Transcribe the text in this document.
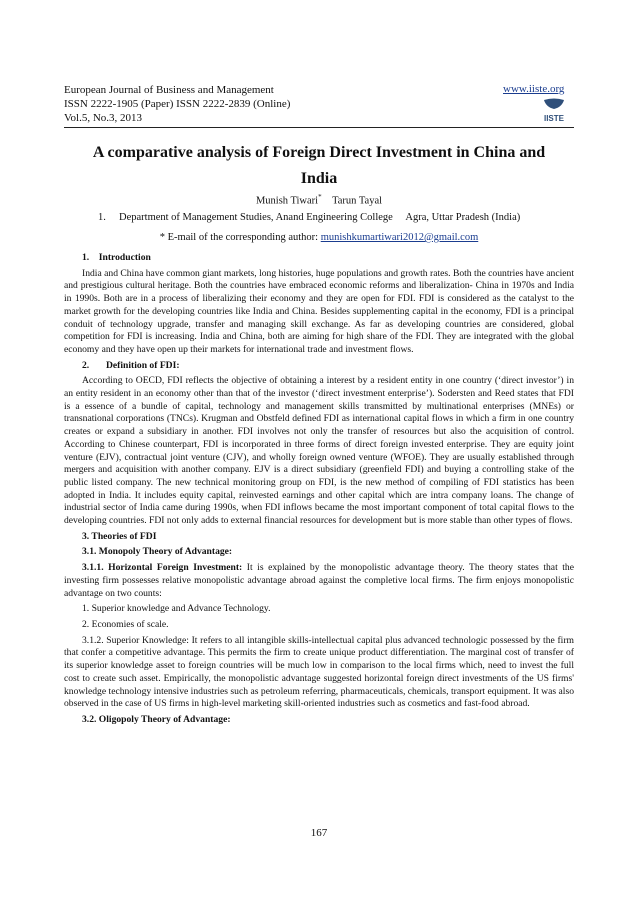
European Journal of Business and Management
ISSN 2222-1905 (Paper) ISSN 2222-2839 (Online)
Vol.5, No.3, 2013
www.iiste.org
IISTE
A comparative analysis of Foreign Direct Investment in China and
India
Munish Tiwari* Tarun Tayal
1. Department of Management Studies, Anand Engineering College Agra, Uttar Pradesh (India)
* E-mail of the corresponding author: munishkumartiwari2012@gmail.com
1.    Introduction
India and China have common giant markets, long histories, huge populations and growth rates. Both the countries have ancient and prestigious cultural heritage. Both the countries have embraced economic reforms and liberalization- China in 1970s and India in 1990s. Both are in a process of liberalizing their economy and they are open for FDI. FDI is considered as the catalyst to the market growth for the developing countries like India and China. Besides supplementing capital in the economy, FDI is a principal conduit of technology upgrade, transfer and managing skill exchange. As far as developing countries are considered, global competition for FDI is increasing. India and China, both are aiming for high share of the FDI. They are integrated with the global economy and they have open up their markets for international trade and investment flows.
2.       Definition of FDI:
According to OECD, FDI reflects the objective of obtaining a interest by a resident entity in one country (‘direct investor’) in an entity resident in an economy other than that of the investor (‘direct investment enterprise’). Sodersten and Reed states that FDI is a essence of a bundle of capital, technology and management skills transmitted by multinational enterprises (MNEs) or transnational corporations (TNCs). Krugman and Obstfeld defined FDI as international capital flows in which a firm in one country creates or expand a subsidiary in another. FDI involves not only the transfer of resources but also the acquisition of control. According to Chinese counterpart, FDI is incorporated in three forms of direct foreign invested enterprise. They are equity joint venture (EJV), contractual joint venture (CJV), and wholly foreign owned venture (WFOE). They are usually established through mergers and acquisition with another company. EJV is a direct subsidiary (greenfield FDI) and buying a controlling stake of the public listed company. The new technical monitoring group on FDI, is the new method of compiling of FDI statistics has been adopted in India. It includes equity capital, reinvested earnings and other capital which are intra company loans. The change of industrial sector of India came during 1990s, when FDI inflows became the most important component of total capital flows to the developing countries. FDI not only adds to external financial resources for development but is more stable than other types of flows.
3. Theories of FDI
3.1. Monopoly Theory of Advantage:
3.1.1. Horizontal Foreign Investment: It is explained by the monopolistic advantage theory. The theory states that the investing firm possesses relative monopolistic advantage abroad against the completive local firms. The firm enjoys monopolistic advantage on two counts:
1. Superior knowledge and Advance Technology.
2. Economies of scale.
3.1.2. Superior Knowledge: It refers to all intangible skills-intellectual capital plus advanced technologic possessed by the firm that confer a competitive advantage. This permits the firm to create unique product differentiation. The marginal cost of transfer of its superior knowledge asset to foreign countries will be much low in comparison to the local firms which, need to invest the full cost to create such asset. Empirically, the monopolistic advantage suggested horizontal foreign direct investments of the US firms' knowledge technology intensive industries such as petroleum referring, pharmaceuticals, chemicals, transport equipment. It was also observed in the case of US firms in high-level marketing skill-oriented industries such as cosmetics and fast-food abroad.
3.2. Oligopoly Theory of Advantage:
167
